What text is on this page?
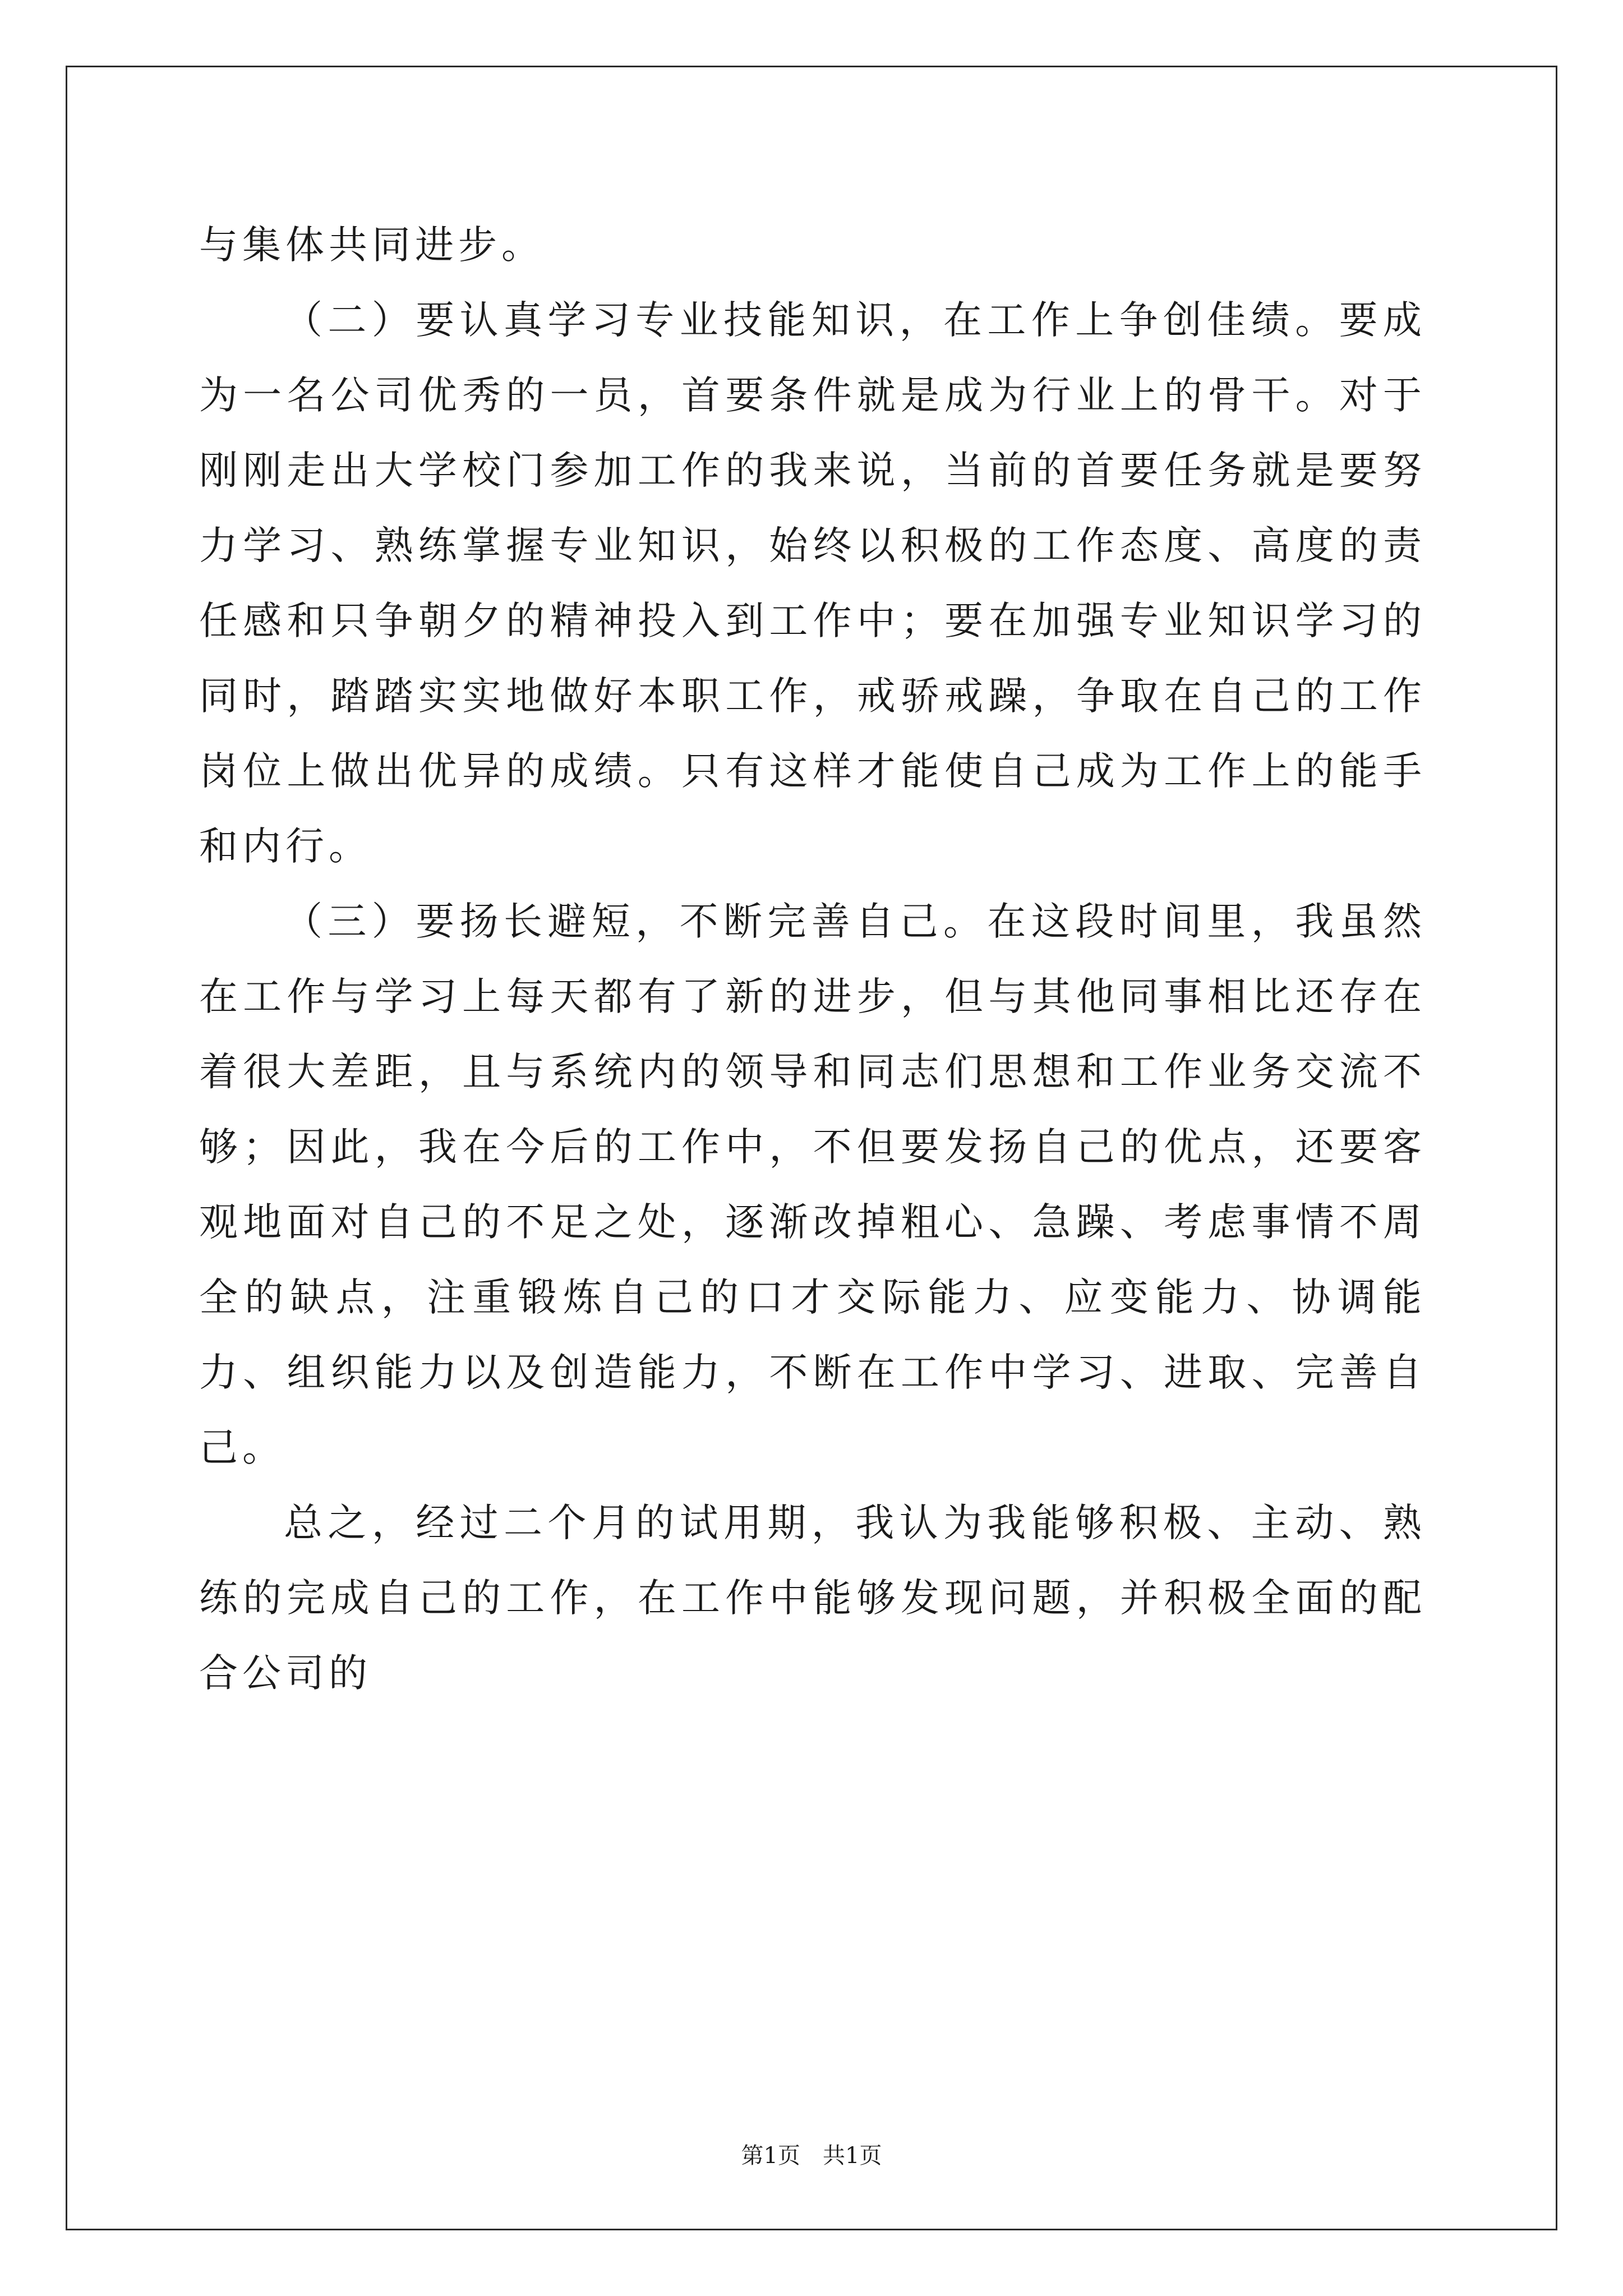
与集体共同进步。

（二）要认真学习专业技能知识，在工作上争创佳绩。要成为一名公司优秀的一员，首要条件就是成为行业上的骨干。对于刚刚走出大学校门参加工作的我来说，当前的首要任务就是要努力学习、熟练掌握专业知识，始终以积极的工作态度、高度的责任感和只争朝夕的精神投入到工作中；要在加强专业知识学习的同时，踏踏实实地做好本职工作，戒骄戒躁，争取在自己的工作岗位上做出优异的成绩。只有这样才能使自己成为工作上的能手和内行。

（三）要扬长避短，不断完善自己。在这段时间里，我虽然在工作与学习上每天都有了新的进步，但与其他同事相比还存在着很大差距，且与系统内的领导和同志们思想和工作业务交流不够；因此，我在今后的工作中，不但要发扬自己的优点，还要客观地面对自己的不足之处，逐渐改掉粗心、急躁、考虑事情不周全的缺点，注重锻炼自己的口才交际能力、应变能力、协调能力、组织能力以及创造能力，不断在工作中学习、进取、完善自己。

总之，经过二个月的试用期，我认为我能够积极、主动、熟练的完成自己的工作，在工作中能够发现问题，并积极全面的配合公司的

第1页 共1页
